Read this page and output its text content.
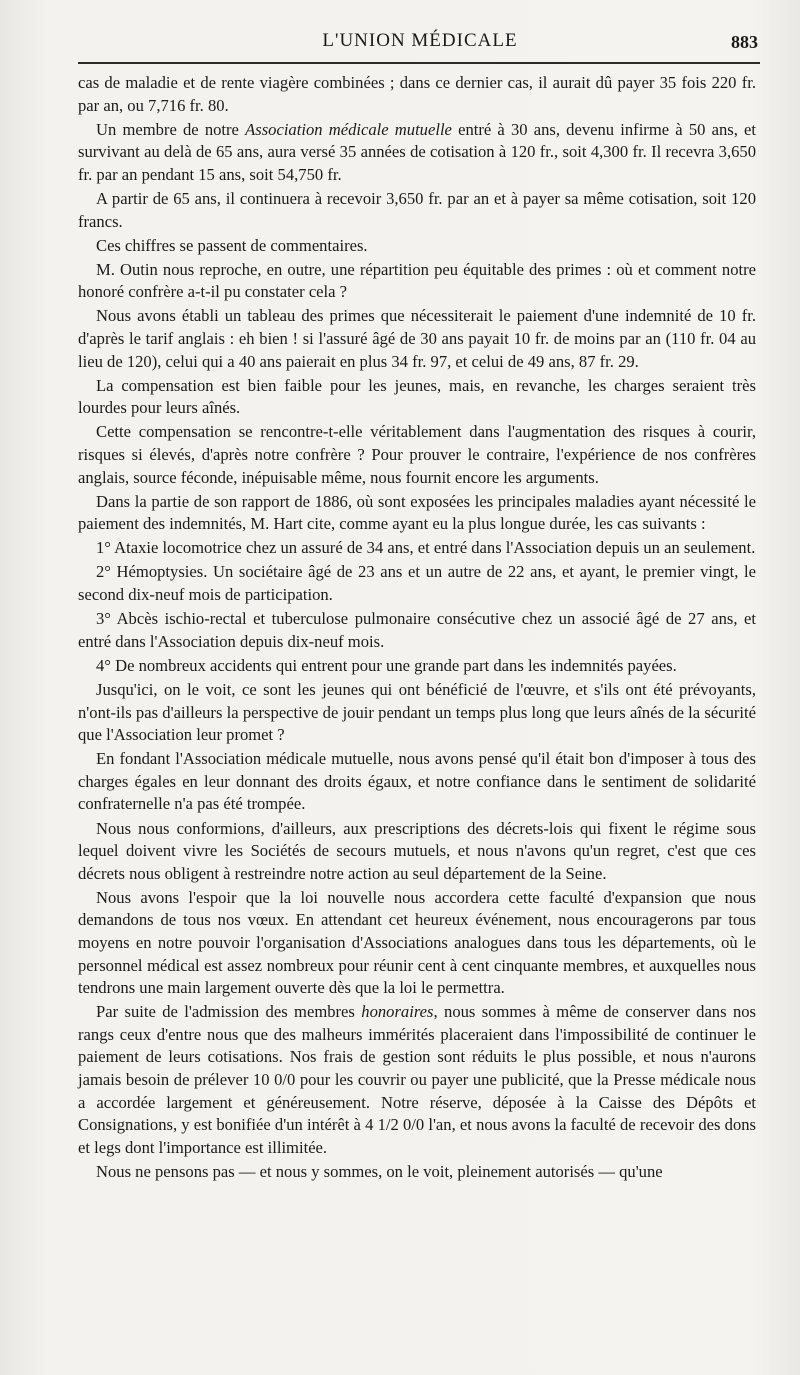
L'UNION MÉDICALE	883

cas de maladie et de rente viagère combinées ; dans ce dernier cas, il aurait dû payer 35 fois 220 fr. par an, ou 7,716 fr. 80.

Un membre de notre Association médicale mutuelle entré à 30 ans, devenu infirme à 50 ans, et survivant au delà de 65 ans, aura versé 35 années de cotisation à 120 fr., soit 4,300 fr. Il recevra 3,650 fr. par an pendant 15 ans, soit 54,750 fr.

A partir de 65 ans, il continuera à recevoir 3,650 fr. par an et à payer sa même cotisation, soit 120 francs.

Ces chiffres se passent de commentaires.

M. Outin nous reproche, en outre, une répartition peu équitable des primes : où et comment notre honoré confrère a-t-il pu constater cela ?

Nous avons établi un tableau des primes que nécessiterait le paiement d'une indemnité de 10 fr. d'après le tarif anglais : eh bien ! si l'assuré âgé de 30 ans payait 10 fr. de moins par an (110 fr. 04 au lieu de 120), celui qui a 40 ans paierait en plus 34 fr. 97, et celui de 49 ans, 87 fr. 29.

La compensation est bien faible pour les jeunes, mais, en revanche, les charges seraient très lourdes pour leurs aînés.

Cette compensation se rencontre-t-elle véritablement dans l'augmentation des risques à courir, risques si élevés, d'après notre confrère ? Pour prouver le contraire, l'expérience de nos confrères anglais, source féconde, inépuisable même, nous fournit encore les arguments.

Dans la partie de son rapport de 1886, où sont exposées les principales maladies ayant nécessité le paiement des indemnités, M. Hart cite, comme ayant eu la plus longue durée, les cas suivants :

1° Ataxie locomotrice chez un assuré de 34 ans, et entré dans l'Association depuis un an seulement.

2° Hémoptysies. Un sociétaire âgé de 23 ans et un autre de 22 ans, et ayant, le premier vingt, le second dix-neuf mois de participation.

3° Abcès ischio-rectal et tuberculose pulmonaire consécutive chez un associé âgé de 27 ans, et entré dans l'Association depuis dix-neuf mois.

4° De nombreux accidents qui entrent pour une grande part dans les indemnités payées.

Jusqu'ici, on le voit, ce sont les jeunes qui ont bénéficié de l'œuvre, et s'ils ont été prévoyants, n'ont-ils pas d'ailleurs la perspective de jouir pendant un temps plus long que leurs aînés de la sécurité que l'Association leur promet ?

En fondant l'Association médicale mutuelle, nous avons pensé qu'il était bon d'imposer à tous des charges égales en leur donnant des droits égaux, et notre confiance dans le sentiment de solidarité confraternelle n'a pas été trompée.

Nous nous conformions, d'ailleurs, aux prescriptions des décrets-lois qui fixent le régime sous lequel doivent vivre les Sociétés de secours mutuels, et nous n'avons qu'un regret, c'est que ces décrets nous obligent à restreindre notre action au seul département de la Seine.

Nous avons l'espoir que la loi nouvelle nous accordera cette faculté d'expansion que nous demandons de tous nos vœux. En attendant cet heureux événement, nous encouragerons par tous moyens en notre pouvoir l'organisation d'Associations analogues dans tous les départements, où le personnel médical est assez nombreux pour réunir cent à cent cinquante membres, et auxquelles nous tendrons une main largement ouverte dès que la loi le permettra.

Par suite de l'admission des membres honoraires, nous sommes à même de conserver dans nos rangs ceux d'entre nous que des malheurs immérités placeraient dans l'impossibilité de continuer le paiement de leurs cotisations. Nos frais de gestion sont réduits le plus possible, et nous n'aurons jamais besoin de prélever 10 0/0 pour les couvrir ou payer une publicité, que la Presse médicale nous a accordée largement et généreusement. Notre réserve, déposée à la Caisse des Dépôts et Consignations, y est bonifiée d'un intérêt à 4 1/2 0/0 l'an, et nous avons la faculté de recevoir des dons et legs dont l'importance est illimitée.

Nous ne pensons pas — et nous y sommes, on le voit, pleinement autorisés — qu'une
